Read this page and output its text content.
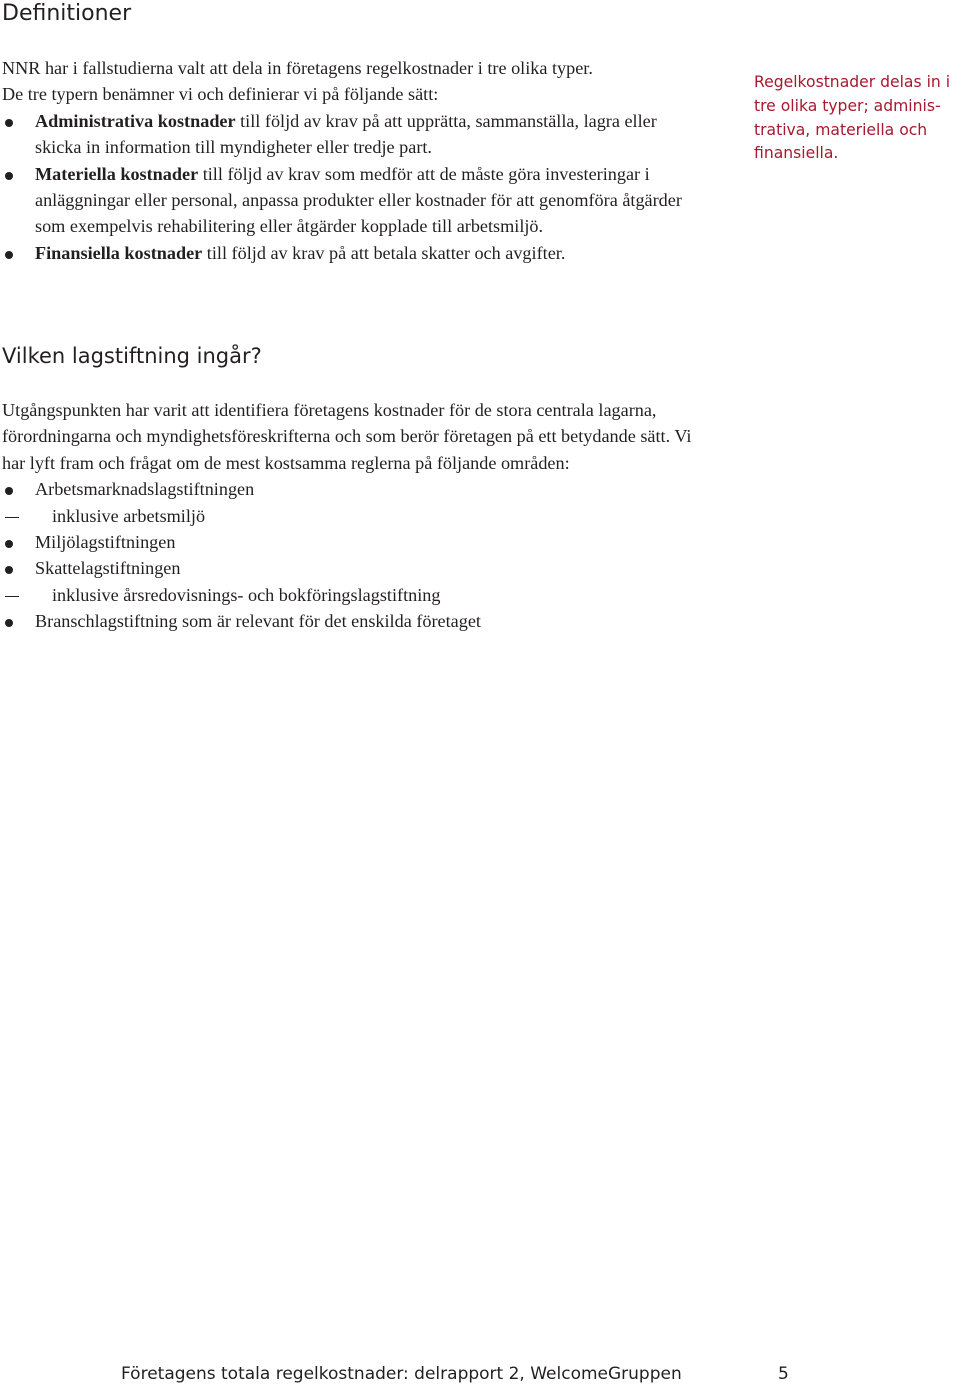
Definitioner

NNR har i fallstudierna valt att dela in företagens regelkostnader i tre olika typer.

De tre typern benämner vi och definierar vi på följande sätt:

Administrativa kostnader till följd av krav på att upprätta, sammanställa, lagra eller skicka in information till myndigheter eller tredje part.
Materiella kostnader till följd av krav som medför att de måste göra investeringar i anläggningar eller personal, anpassa produkter eller kostnader för att genomföra åtgärder som exempelvis rehabilitering eller åtgärder kopplade till arbetsmiljö.
Finansiella kostnader till följd av krav på att betala skatter och avgifter.
Regelkostnader delas in i
tre olika typer; adminis-
trativa, materiella och
finansiella.
Vilken lagstiftning ingår?

Utgångspunkten har varit att identifiera företagens kostnader för de stora centrala lagarna, förordningarna och myndighetsföreskrifterna och som berör företagen på ett betydande sätt. Vi har lyft fram och frågat om de mest kostsamma reglerna på följande områden:

Arbetsmarknadslagstiftningen
inklusive arbetsmiljö
Miljölagstiftningen
Skattelagstiftningen
inklusive årsredovisnings- och bokföringslagstiftning
Branschlagstiftning som är relevant för det enskilda företaget
Företagens totala regelkostnader: delrapport 2, WelcomeGruppen	5
